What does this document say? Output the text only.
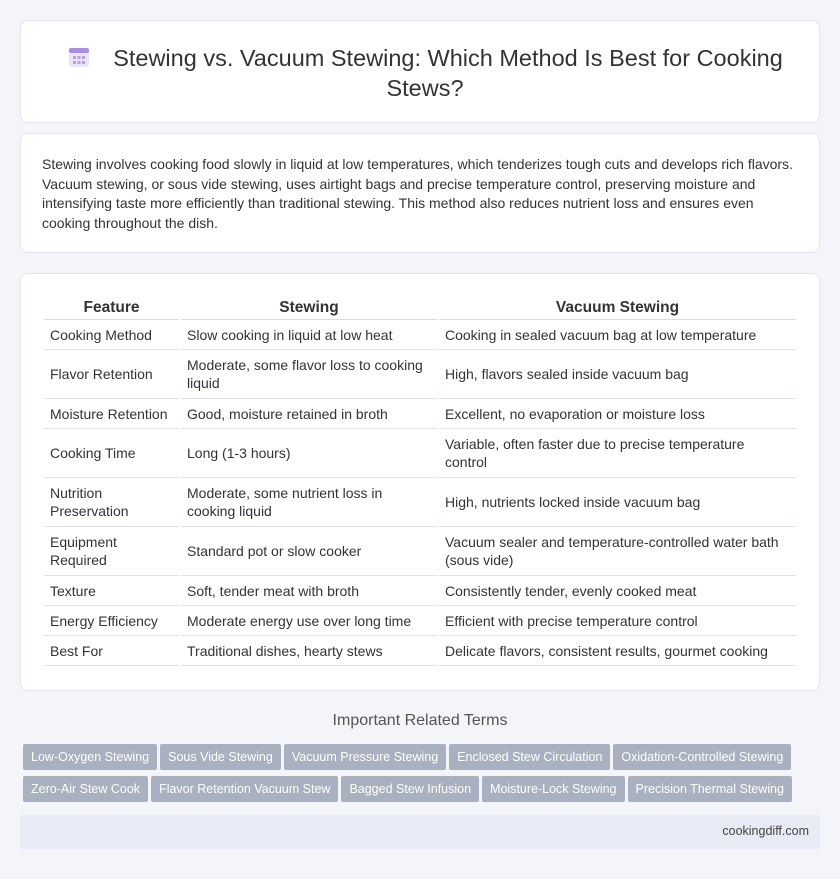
Stewing vs. Vacuum Stewing: Which Method Is Best for Cooking Stews?

Stewing involves cooking food slowly in liquid at low temperatures, which tenderizes tough cuts and develops rich flavors. Vacuum stewing, or sous vide stewing, uses airtight bags and precise temperature control, preserving moisture and intensifying taste more efficiently than traditional stewing. This method also reduces nutrient loss and ensures even cooking throughout the dish.

Feature	Stewing	Vacuum Stewing
Cooking Method	Slow cooking in liquid at low heat	Cooking in sealed vacuum bag at low temperature
Flavor Retention	Moderate, some flavor loss to cooking liquid	High, flavors sealed inside vacuum bag
Moisture Retention	Good, moisture retained in broth	Excellent, no evaporation or moisture loss
Cooking Time	Long (1-3 hours)	Variable, often faster due to precise temperature control
Nutrition Preservation	Moderate, some nutrient loss in cooking liquid	High, nutrients locked inside vacuum bag
Equipment Required	Standard pot or slow cooker	Vacuum sealer and temperature-controlled water bath (sous vide)
Texture	Soft, tender meat with broth	Consistently tender, evenly cooked meat
Energy Efficiency	Moderate energy use over long time	Efficient with precise temperature control
Best For	Traditional dishes, hearty stews	Delicate flavors, consistent results, gourmet cooking
Important Related Terms
Low-Oxygen Stewing Sous Vide Stewing Vacuum Pressure Stewing Enclosed Stew Circulation Oxidation-Controlled Stewing
Zero-Air Stew Cook Flavor Retention Vacuum Stew Bagged Stew Infusion Moisture-Lock Stewing Precision Thermal Stewing
cookingdiff.com
